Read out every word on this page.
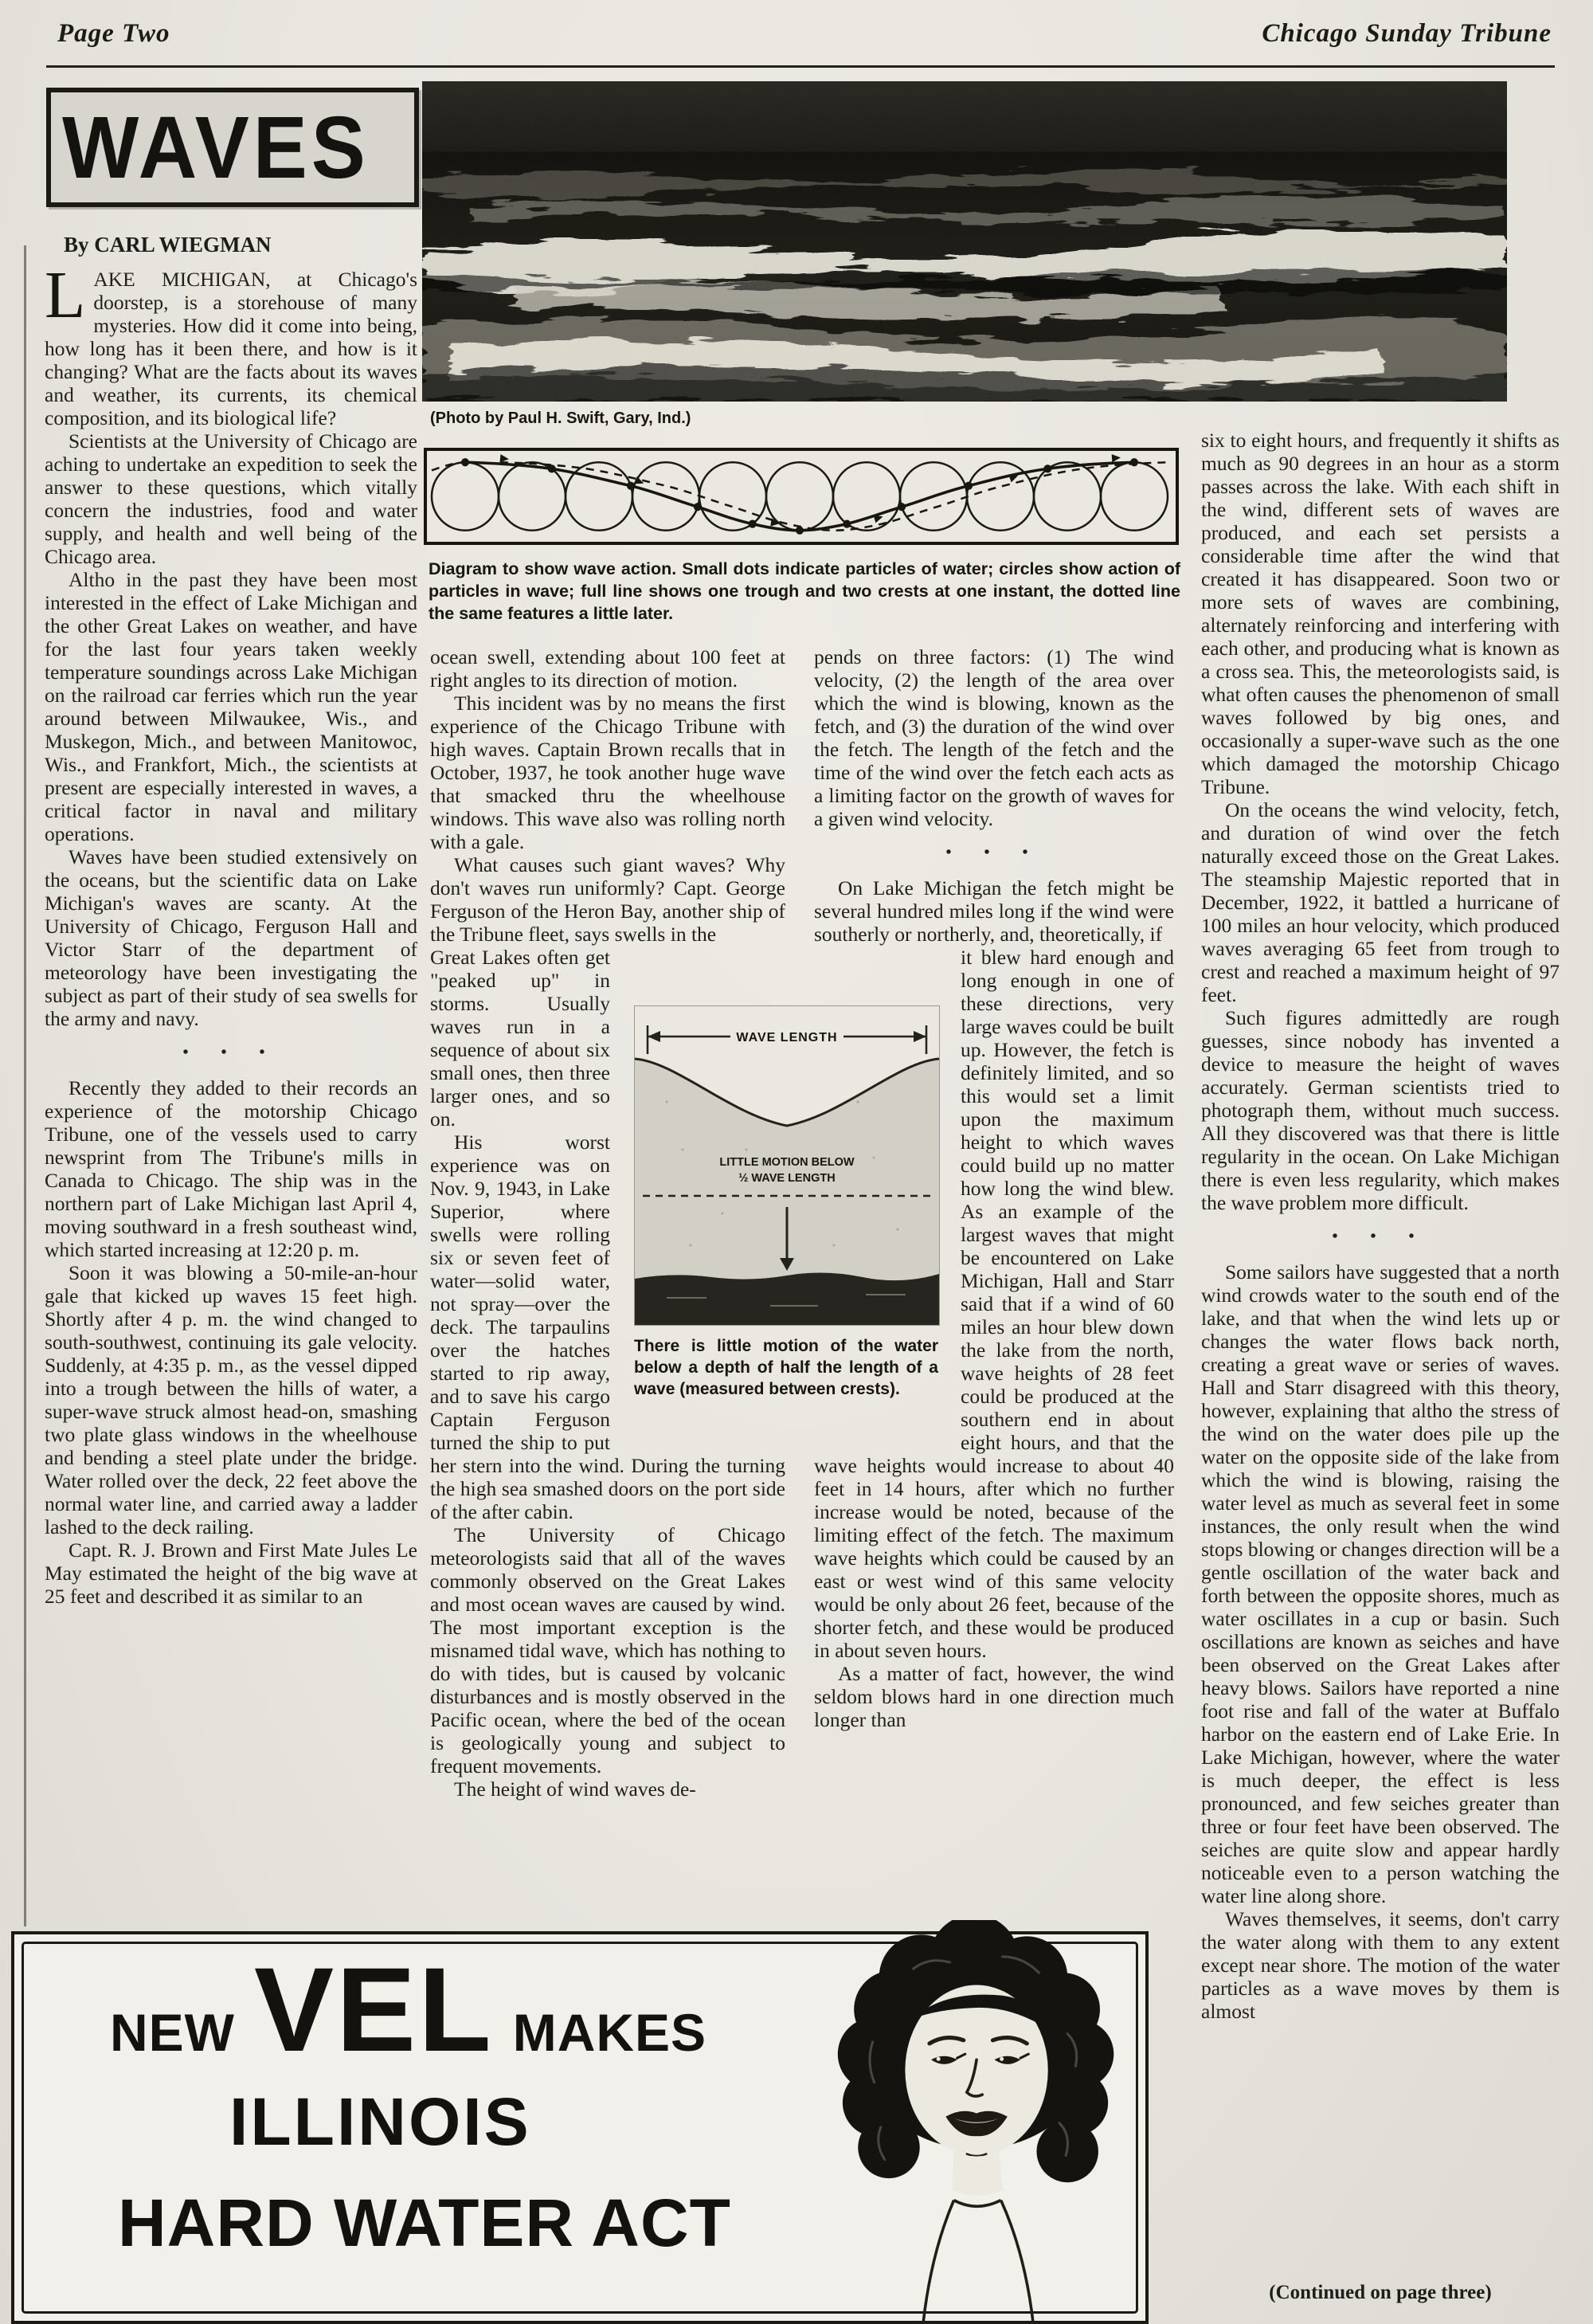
Page Two	Chicago Sunday Tribune
WAVES
By CARL WIEGMAN
(Photo by Paul H. Swift, Gary, Ind.)
Diagram to show wave action. Small dots indicate particles of water; circles show action of particles in wave; full line shows one trough and two crests at one instant, the dotted line the same features a little later.

LAKE MICHIGAN, at Chicago's doorstep, is a storehouse of many mysteries. How did it come into being, how long has it been there, and how is it changing? What are the facts about its waves and weather, its currents, its chemical composition, and its biological life?

Scientists at the University of Chicago are aching to undertake an expedition to seek the answer to these questions, which vitally concern the industries, food and water supply, and health and well being of the Chicago area.

Altho in the past they have been most interested in the effect of Lake Michigan and the other Great Lakes on weather, and have for the last four years taken weekly temperature soundings across Lake Michigan on the railroad car ferries which run the year around between Milwaukee, Wis., and Muskegon, Mich., and between Manitowoc, Wis., and Frankfort, Mich., the scientists at present are especially interested in waves, a critical factor in naval and military operations.

Waves have been studied extensively on the oceans, but the scientific data on Lake Michigan's waves are scanty. At the University of Chicago, Ferguson Hall and Victor Starr of the department of meteorology have been investigating the subject as part of their study of sea swells for the army and navy.

• • •

Recently they added to their records an experience of the motorship Chicago Tribune, one of the vessels used to carry newsprint from The Tribune's mills in Canada to Chicago. The ship was in the northern part of Lake Michigan last April 4, moving southward in a fresh southeast wind, which started increasing at 12:20 p. m.

Soon it was blowing a 50-mile-an-hour gale that kicked up waves 15 feet high. Shortly after 4 p. m. the wind changed to south-southwest, continuing its gale velocity. Suddenly, at 4:35 p. m., as the vessel dipped into a trough between the hills of water, a super-wave struck almost head-on, smashing two plate glass windows in the wheelhouse and bending a steel plate under the bridge. Water rolled over the deck, 22 feet above the normal water line, and carried away a ladder lashed to the deck railing.

Capt. R. J. Brown and First Mate Jules Le May estimated the height of the big wave at 25 feet and described it as similar to an

ocean swell, extending about 100 feet at right angles to its direction of motion.

This incident was by no means the first experience of the Chicago Tribune with high waves. Captain Brown recalls that in October, 1937, he took another huge wave that smacked thru the wheelhouse windows. This wave also was rolling north with a gale.

What causes such giant waves? Why don't waves run uniformly? Capt. George Ferguson of the Heron Bay, another ship of the Tribune fleet, says swells in the

Great Lakes often get "peaked up" in storms. Usually waves run in a sequence of about six small ones, then three larger ones, and so on.

His worst experience was on Nov. 9, 1943, in Lake Superior, where swells were rolling six or seven feet of water—solid water, not spray—over the deck. The tarpaulins over the hatches started to rip away, and to save his cargo Captain Ferguson turned the ship to put her stern into the wind. During the turning the high sea smashed doors on the port side of the after cabin.

The University of Chicago meteorologists said that all of the waves commonly observed on the Great Lakes and most ocean waves are caused by wind. The most important exception is the misnamed tidal wave, which has nothing to do with tides, but is caused by volcanic disturbances and is mostly observed in the Pacific ocean, where the bed of the ocean is geologically young and subject to frequent movements.

The height of wind waves de-

pends on three factors: (1) The wind velocity, (2) the length of the area over which the wind is blowing, known as the fetch, and (3) the duration of the wind over the fetch. The length of the fetch and the time of the wind over the fetch each acts as a limiting factor on the growth of waves for a given wind velocity.

• • •

On Lake Michigan the fetch might be several hundred miles long if the wind were southerly or northerly, and, theoretically, if

it blew hard enough and long enough in one of these directions, very large waves could be built up. However, the fetch is definitely limited, and so this would set a limit upon the maximum height to which waves could build up no matter how long the wind blew. As an example of the largest waves that might be encountered on Lake Michigan, Hall and Starr said that if a wind of 60 miles an hour blew down the lake from the north, wave heights of 28 feet could be produced at the southern end in about eight hours, and that the wave heights would increase to about 40 feet in 14 hours, after which no further increase would be noted, because of the limiting effect of the fetch. The maximum wave heights which could be caused by an east or west wind of this same velocity would be only about 26 feet, because of the shorter fetch, and these would be produced in about seven hours.

As a matter of fact, however, the wind seldom blows hard in one direction much longer than

six to eight hours, and frequently it shifts as much as 90 degrees in an hour as a storm passes across the lake. With each shift in the wind, different sets of waves are produced, and each set persists a considerable time after the wind that created it has disappeared. Soon two or more sets of waves are combining, alternately reinforcing and interfering with each other, and producing what is known as a cross sea. This, the meteorologists said, is what often causes the phenomenon of small waves followed by big ones, and occasionally a super-wave such as the one which damaged the motorship Chicago Tribune.

On the oceans the wind velocity, fetch, and duration of wind over the fetch naturally exceed those on the Great Lakes. The steamship Majestic reported that in December, 1922, it battled a hurricane of 100 miles an hour velocity, which produced waves averaging 65 feet from trough to crest and reached a maximum height of 97 feet.

Such figures admittedly are rough guesses, since nobody has invented a device to measure the height of waves accurately. German scientists tried to photograph them, without much success. All they discovered was that there is little regularity in the ocean. On Lake Michigan there is even less regularity, which makes the wave problem more difficult.

• • •

Some sailors have suggested that a north wind crowds water to the south end of the lake, and that when the wind lets up or changes the water flows back north, creating a great wave or series of waves. Hall and Starr disagreed with this theory, however, explaining that altho the stress of the wind on the water does pile up the water on the opposite side of the lake from which the wind is blowing, raising the water level as much as several feet in some instances, the only result when the wind stops blowing or changes direction will be a gentle oscillation of the water back and forth between the opposite shores, much as water oscillates in a cup or basin. Such oscillations are known as seiches and have been observed on the Great Lakes after heavy blows. Sailors have reported a nine foot rise and fall of the water at Buffalo harbor on the eastern end of Lake Erie. In Lake Michigan, however, where the water is much deeper, the effect is less pronounced, and few seiches greater than three or four feet have been observed. The seiches are quite slow and appear hardly noticeable even to a person watching the water line along shore.

Waves themselves, it seems, don't carry the water along with them to any extent except near shore. The motion of the water particles as a wave moves by them is almost

(Continued on page three)
WAVE LENGTH
LITTLE MOTION BELOW
½ WAVE LENGTH
There is little motion of the water below a depth of half the length of a wave (measured between crests).
NEW VEL MAKES
ILLINOIS
HARD WATER ACT
